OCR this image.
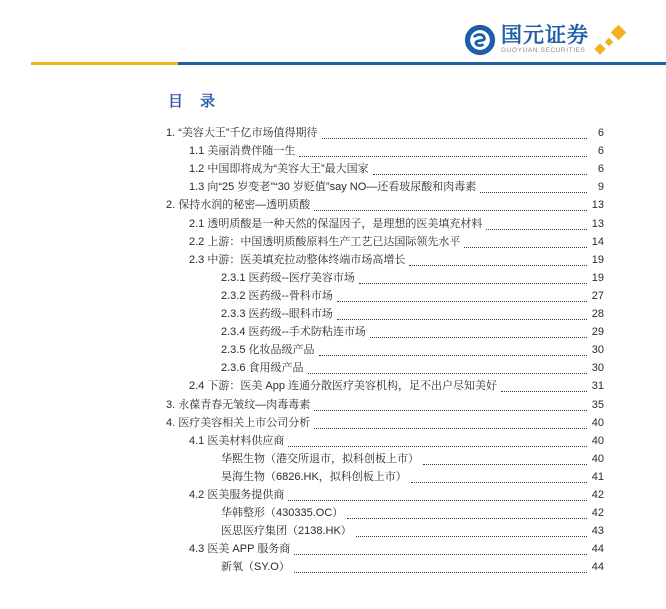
国元证券
GUOYUAN SECURITIES
目　录
1. “美容大王”千亿市场值得期待	6
1.1 美丽消费伴随一生	6
1.2 中国即将成为“美容大王”最大国家	6
1.3 向“25 岁变老”“30 岁贬值”say NO—还看玻尿酸和肉毒素	9
2. 保持水润的秘密—透明质酸	13
2.1 透明质酸是一种天然的保湿因子，是理想的医美填充材料	13
2.2 上游：中国透明质酸原料生产工艺已达国际领先水平	14
2.3 中游：医美填充拉动整体终端市场高增长	19
2.3.1 医药级--医疗美容市场	19
2.3.2 医药级--骨科市场	27
2.3.3 医药级--眼科市场	28
2.3.4 医药级--手术防粘连市场	29
2.3.5 化妆品级产品	30
2.3.6 食用级产品	30
2.4 下游：医美 App 连通分散医疗美容机构，足不出户尽知美好	31
3. 永葆青春无皱纹—肉毒毒素	35
4. 医疗美容相关上市公司分析	40
4.1 医美材料供应商	40
华熙生物（港交所退市，拟科创板上市）	40
昊海生物（6826.HK，拟科创板上市）	41
4.2 医美服务提供商	42
华韩整形（430335.OC）	42
医思医疗集团（2138.HK）	43
4.3 医美 APP 服务商	44
新氧（SY.O）	44
